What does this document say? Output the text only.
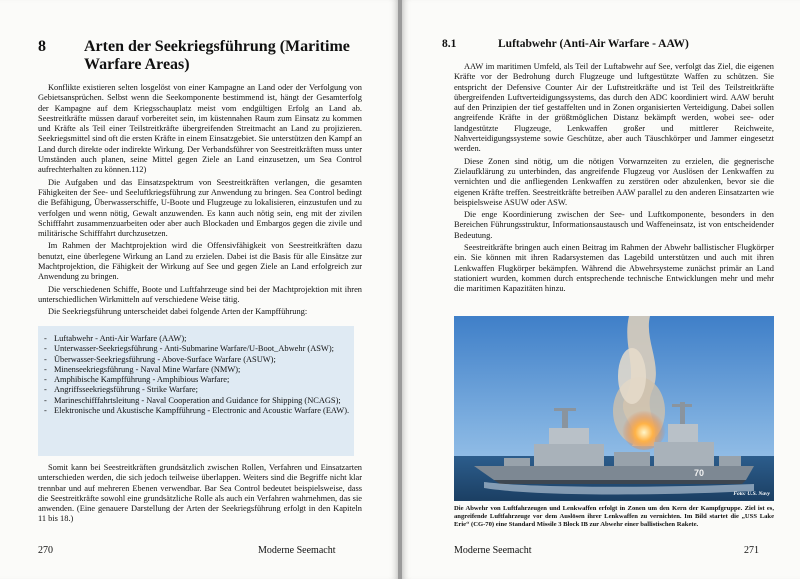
8 Arten der Seekriegsführung (Maritime Warfare Areas)

Konflikte existieren selten losgelöst von einer Kampagne an Land oder der Verfolgung von Gebietsansprüchen. Selbst wenn die Seekomponente bestimmend ist, hängt der Gesamterfolg der Kampagne auf dem Kriegsschauplatz meist vom endgültigen Erfolg an Land ab. Seestreitkräfte müssen darauf vorbereitet sein, im küstennahen Raum zum Einsatz zu kommen und Kräfte als Teil einer Teilstreitkräfte übergreifenden Streitmacht an Land zu projizieren. Seekriegsmittel sind oft die ersten Kräfte in einem Einsatzgebiet. Sie unterstützen den Kampf an Land durch direkte oder indirekte Wirkung. Der Verbandsführer von Seestreitkräften muss unter Umständen auch planen, seine Mittel gegen Ziele an Land einzusetzen, um Sea Control aufrechterhalten zu können.112)

Die Aufgaben und das Einsatzspektrum von Seestreitkräften verlangen, die gesamten Fähigkeiten der See- und Seeluftkriegsführung zur Anwendung zu bringen. Sea Control bedingt die Befähigung, Überwasserschiffe, U-Boote und Flugzeuge zu lokalisieren, einzustufen und zu verfolgen und wenn nötig, Gewalt anzuwenden. Es kann auch nötig sein, eng mit der zivilen Schifffahrt zusammenzuarbeiten oder aber auch Blockaden und Embargos gegen die zivile und militärische Schifffahrt durchzusetzen.

Im Rahmen der Machtprojektion wird die Offensivfähigkeit von Seestreitkräften dazu benutzt, eine überlegene Wirkung an Land zu erzielen. Dabei ist die Basis für alle Einsätze zur Machtprojektion, die Fähigkeit der Wirkung auf See und gegen Ziele an Land erfolgreich zur Anwendung zu bringen.

Die verschiedenen Schiffe, Boote und Luftfahrzeuge sind bei der Machtprojektion mit ihren unterschiedlichen Wirkmitteln auf verschiedene Weise tätig.

Die Seekriegsführung unterscheidet dabei folgende Arten der Kampfführung:

- Luftabwehr - Anti-Air Warfare (AAW);
- Unterwasser-Seekriegsführung - Anti-Submarine Warfare/U-Boot_Abwehr (ASW);
- Überwasser-Seekriegsführung - Above-Surface Warfare (ASUW);
- Minenseekriegsführung - Naval Mine Warfare (NMW);
- Amphibische Kampfführung - Amphibious Warfare;
- Angriffsseekriegsführung - Strike Warfare;
- Marineschifffahrtsleitung - Naval Cooperation and Guidance for Shipping (NCAGS);
- Elektronische und Akustische Kampfführung - Electronic and Acoustic Warfare (EAW).

Somit kann bei Seestreitkräften grundsätzlich zwischen Rollen, Verfahren und Einsatzarten unterschieden werden, die sich jedoch teilweise überlappen. Weiters sind die Begriffe nicht klar trennbar und auf mehreren Ebenen verwendbar. Bar Sea Control bedeutet beispielsweise, dass die Seestreitkräfte sowohl eine grundsätzliche Rolle als auch ein Verfahren wahrnehmen, das sie anwenden. (Eine genauere Darstellung der Arten der Seekriegsführung erfolgt in den Kapiteln 11 bis 18.)

270	Moderne Seemacht
8.1	Luftabwehr (Anti-Air Warfare - AAW)

AAW im maritimen Umfeld, als Teil der Luftabwehr auf See, verfolgt das Ziel, die eigenen Kräfte vor der Bedrohung durch Flugzeuge und luftgestützte Waffen zu schützen. Sie entspricht der Defensive Counter Air der Luftstreitkräfte und ist Teil des Teilstreitkräfte übergreifenden Luftverteidigungssystems, das durch den ADC koordiniert wird. AAW beruht auf den Prinzipien der tief gestaffelten und in Zonen organisierten Verteidigung. Dabei sollen angreifende Kräfte in der größtmöglichen Distanz bekämpft werden, wobei see- oder landgestützte Flugzeuge, Lenkwaffen großer und mittlerer Reichweite, Nahverteidigungssysteme sowie Geschütze, aber auch Täuschkörper und Jammer eingesetzt werden.

Diese Zonen sind nötig, um die nötigen Vorwarnzeiten zu erzielen, die gegnerische Zielaufklärung zu unterbinden, das angreifende Flugzeug vor Auslösen der Lenkwaffen zu vernichten und die anfliegenden Lenkwaffen zu zerstören oder abzulenken, bevor sie die eigenen Kräfte treffen. Seestreitkräfte betreiben AAW parallel zu den anderen Einsatzarten wie beispielsweise ASUW oder ASW.

Die enge Koordinierung zwischen der See- und Luftkomponente, besonders in den Bereichen Führungsstruktur, Informationsaustausch und Waffeneinsatz, ist von entscheidender Bedeutung.

Seestreitkräfte bringen auch einen Beitrag im Rahmen der Abwehr ballistischer Flugkörper ein. Sie können mit ihren Radarsystemen das Lagebild unterstützen und auch mit ihren Lenkwaffen Flugkörper bekämpfen. Während die Abwehrsysteme zunächst primär an Land stationiert wurden, kommen durch entsprechende technische Entwicklungen mehr und mehr die maritimen Kapazitäten hinzu.

70
Foto: U.S. Navy
Die Abwehr von Luftfahrzeugen und Lenkwaffen erfolgt in Zonen um den Kern der Kampfgruppe. Ziel ist es, angreifende Luftfahrzeuge vor dem Auslösen ihrer Lenkwaffen zu vernichten. Im Bild startet die „USS Lake Erie“ (CG-70) eine Standard Missile 3 Block IB zur Abwehr einer ballistischen Rakete.
Moderne Seemacht	271
